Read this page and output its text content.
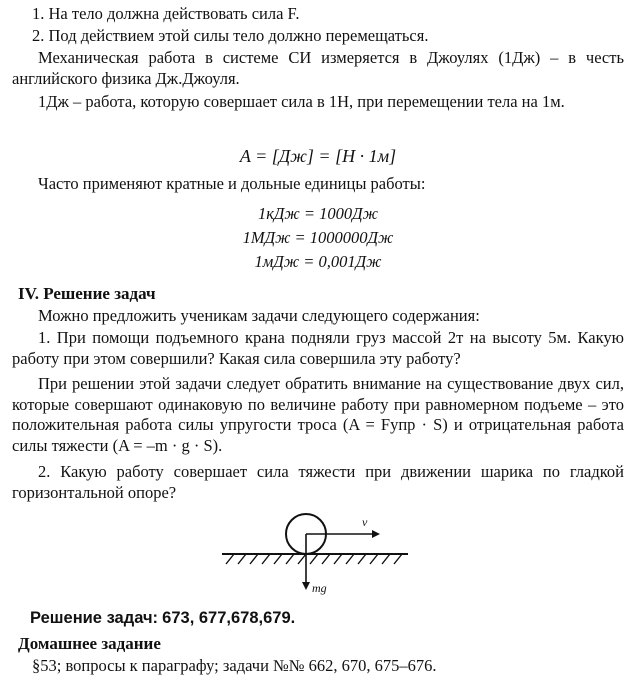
1. На тело должна действовать сила F.

2. Под действием этой силы тело должно перемещаться.

Механическая работа в системе СИ измеряется в Джоулях (1Дж) – в честь английского физика Дж.Джоуля.

1Дж – работа, которую совершает сила в 1Н, при перемещении тела на 1м.

A = [Дж] = [Н · 1м]

Часто применяют кратные и дольные единицы работы:

1кДж = 1000Дж
1МДж = 1000000Дж
1мДж = 0,001Дж
IV. Решение задач

Можно предложить ученикам задачи следующего содержания:

1. При помощи подъемного крана подняли груз массой 2т на высоту 5м. Какую работу при этом совершили? Какая сила совершила эту работу?

При решении этой задачи следует обратить внимание на существование двух сил, которые совершают одинаковую по величине работу при равномерном подъеме – это положительная работа силы упругости троса (A = Fупр · S) и отрицательная работа силы тяжести (A = –m · g · S).

2. Какую работу совершает сила тяжести при движении шарика по гладкой горизонтальной опоре?

v
mg

Решение задач: 673, 677,678,679.

Домашнее задание

§53; вопросы к параграфу; задачи №№ 662, 670, 675–676.
